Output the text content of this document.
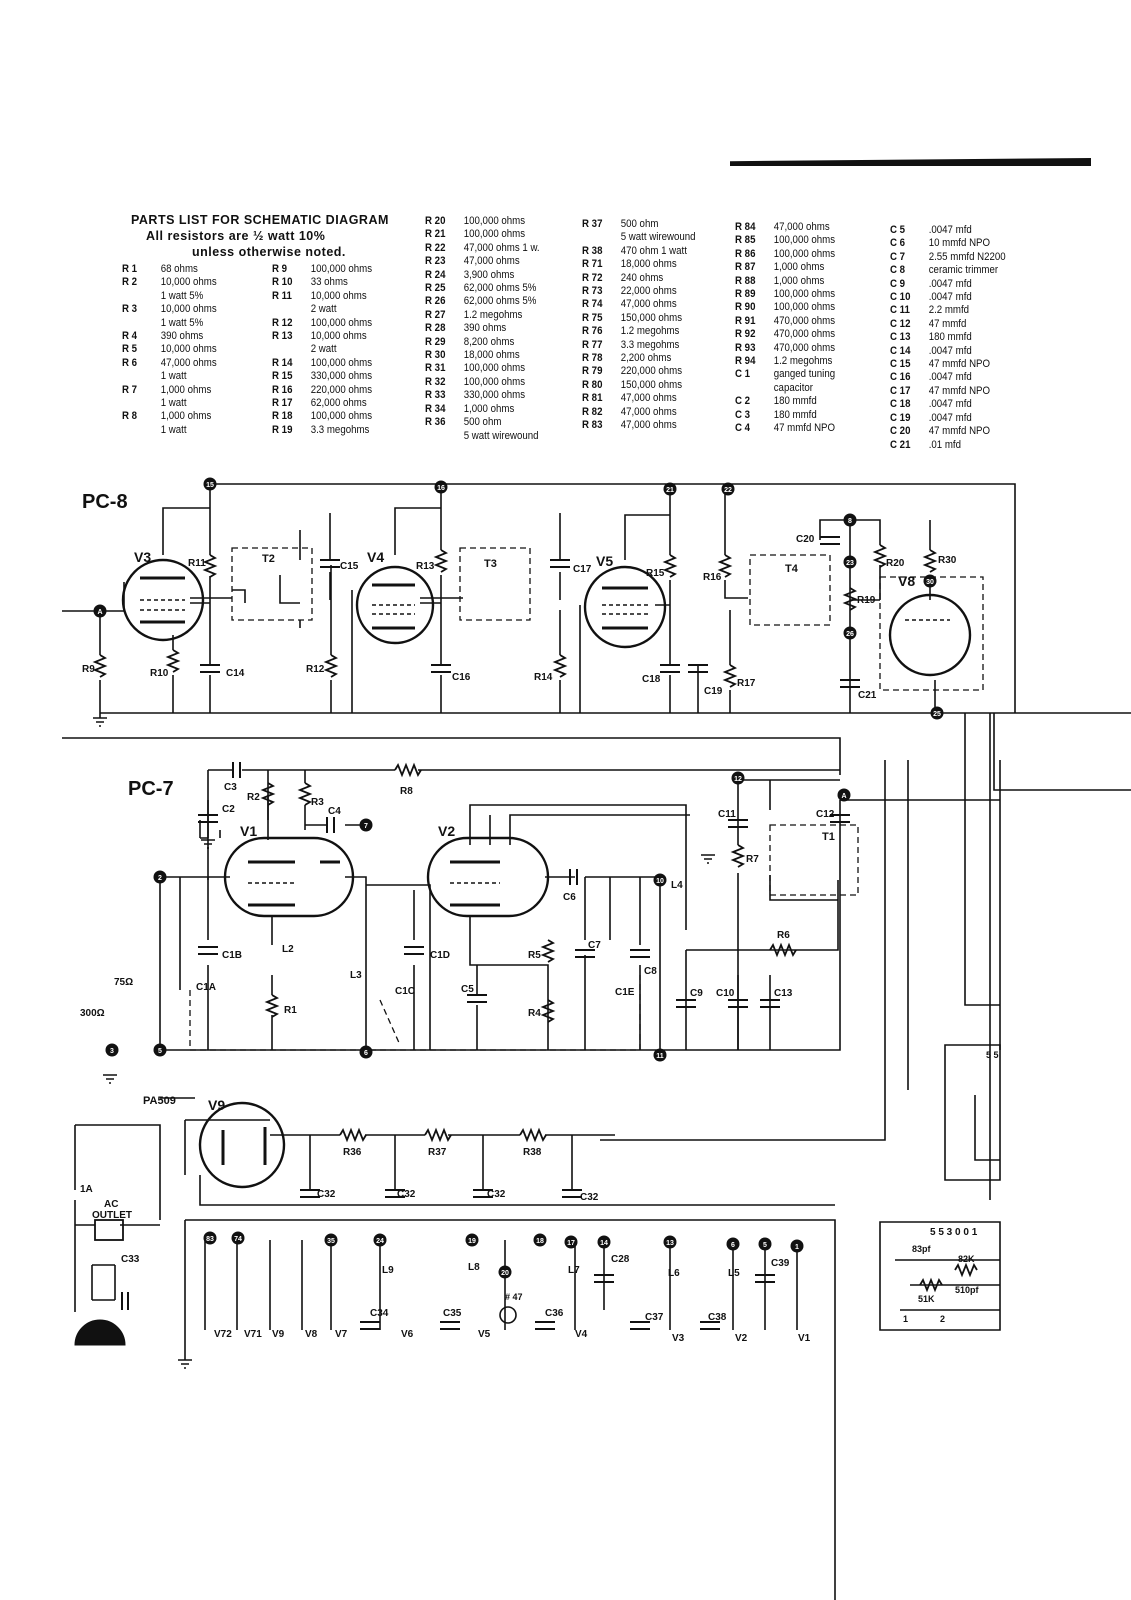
PARTS LIST FOR SCHEMATIC DIAGRAM
All resistors are ½ watt 10%
unless otherwise noted.
R 1	68 ohms
R 2	10,000 ohms
1 watt 5%
R 3	10,000 ohms
1 watt 5%
R 4	390 ohms
R 5	10,000 ohms
R 6	47,000 ohms
1 watt
R 7	1,000 ohms
1 watt
R 8	1,000 ohms
1 watt
R 9	100,000 ohms
R 10	33 ohms
R 11	10,000 ohms
2 watt
R 12	100,000 ohms
R 13	10,000 ohms
2 watt
R 14	100,000 ohms
R 15	330,000 ohms
R 16	220,000 ohms
R 17	62,000 ohms
R 18	100,000 ohms
R 19	3.3 megohms
R 20	100,000 ohms
R 21	100,000 ohms
R 22	47,000 ohms 1 w.
R 23	47,000 ohms
R 24	3,900 ohms
R 25	62,000 ohms 5%
R 26	62,000 ohms 5%
R 27	1.2 megohms
R 28	390 ohms
R 29	8,200 ohms
R 30	18,000 ohms
R 31	100,000 ohms
R 32	100,000 ohms
R 33	330,000 ohms
R 34	1,000 ohms
R 36	500 ohm
5 watt wirewound
R 37	500 ohm
5 watt wirewound
R 38	470 ohm 1 watt
R 71	18,000 ohms
R 72	240 ohms
R 73	22,000 ohms
R 74	47,000 ohms
R 75	150,000 ohms
R 76	1.2 megohms
R 77	3.3 megohms
R 78	2,200 ohms
R 79	220,000 ohms
R 80	150,000 ohms
R 81	47,000 ohms
R 82	47,000 ohms
R 83	47,000 ohms
R 84	47,000 ohms
R 85	100,000 ohms
R 86	100,000 ohms
R 87	1,000 ohms
R 88	1,000 ohms
R 89	100,000 ohms
R 90	100,000 ohms
R 91	470,000 ohms
R 92	470,000 ohms
R 93	470,000 ohms
R 94	1.2 megohms
C 1	ganged tuning
capacitor
C 2	180 mmfd
C 3	180 mmfd
C 4	47 mmfd NPO
C 5	.0047 mfd
C 6	10 mmfd NPO
C 7	2.55 mmfd N2200
C 8	ceramic trimmer
C 9	.0047 mfd
C 10	.0047 mfd
C 11	2.2 mmfd
C 12	47 mmfd
C 13	180 mmfd
C 14	.0047 mfd
C 15	47 mmfd NPO
C 16	.0047 mfd
C 17	47 mmfd NPO
C 18	.0047 mfd
C 19	.0047 mfd
C 20	47 mmfd NPO
C 21	.01 mfd
15	16	21	22
8
23
26
30
25
A
12
A
7
2
3	5	6	11
10
83	74	35	24	19	18
20
17	14	13	6	5	1
PC-8
PC-7
PA509
V3	V4	V5
V8
V1	V2
V9
T2	T3	T4
T1
R11
R10
R9
R13
R12
R14
R15	R16
R17
R19
R20	R30
R8
R2	R3
R1
R5
R4
R7
R6
R36	R37	R38
C14
C15
C16
C17
C18
C19
C20
C21
C3
C2	C4
C6
C7
C5
C8
C9 C10	C13
C11	C12
C32	C32	C32	C32
C33
C34	C35	C36	C37	C38
C28	C39
C1B
C1A	C1C
C1D
C1E
L2
L3
L4
L9	L8	L7	L6	L5
75Ω
300Ω
1A
AC
OUTLET
# 47
V72 V71 V9 V8 V7	V6	V5	V4	V3	V2	V1
5 5 3 0 0 1
83pf
82K
51K
510pf
1	2
5 5
